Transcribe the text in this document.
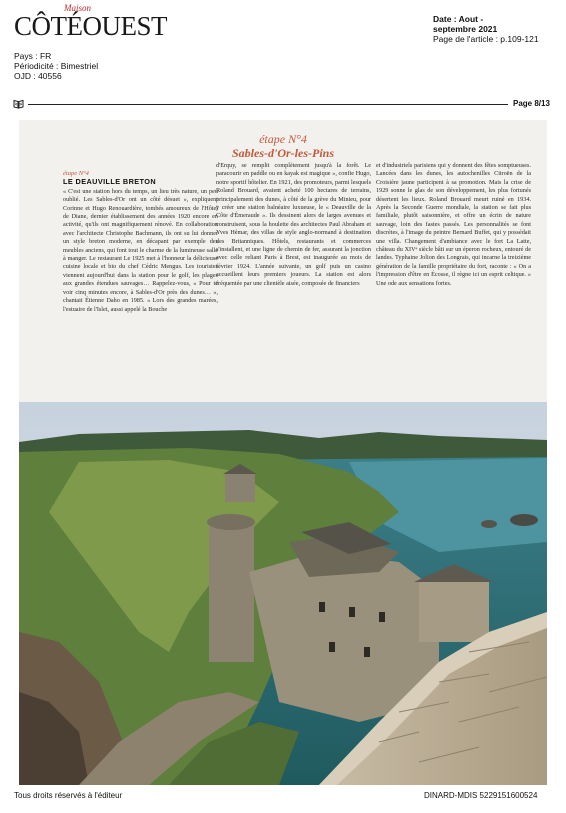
Maison
CÔTÉOUEST	Date : Aout -
septembre 2021
Page de l'article : p.109-121
Pays : FR
Périodicité : Bimestriel
OJD : 40556
Page 8/13
étape N°4
Sables-d'Or-les-Pins
étape N°4
LE DEAUVILLE BRETON
« C'est une station hors du temps, un lieu très nature, un peu oublié. Les Sables-d'Or ont un côté désuet », expliquent Corinne et Hugo Renouardière, tombés amoureux de l'Hôtel de Diane, dernier établissement des années 1920 encore en activité, qu'ils ont magnifiquement rénové. En collaboration avec l'architecte Christophe Bachmann, ils ont su lui donner un style breton moderne, en décapant par exemple des meubles anciens, qui font tout le charme de la lumineuse salle à manger. Le restaurant Le 1925 met à l'honneur la délicieuse cuisine locale et bio du chef Cédric Mengus. Les touristes viennent aujourd'hui dans la station pour le golf, les plages aux grandes étendues sauvages… Rappelez-vous, « Pour te voir cinq minutes encore, à Sables-d'Or près des dunes… », chantait Étienne Daho en 1985. « Lors des grandes marées, l'estuaire de l'Islet, aussi appelé la Bouche
d'Erquy, se remplit complètement jusqu'à la forêt. Le paracourir en paddle ou en kayak est magique », confie Hugo, notre sportif hôtelier. En 1921, des promoteurs, parmi lesquels Roland Brouard, avaient acheté 100 hectares de terrains, principalement des dunes, à côté de la grève du Minieu, pour y créer une station balnéaire luxueuse, le « Deauville de la Côte d'Émeraude ». Ils dessinent alors de larges avenues et construisent, sous la houlette des architectes Paul Abraham et Yves Hémar, des villas de style anglo-normand à destination des Britanniques. Hôtels, restaurants et commerces s'installent, et une ligne de chemin de fer, assurant la jonction avec celle reliant Paris à Brest, est inaugurée au mois de février 1924. L'année suivante, un golf puis un casino accueillent leurs premiers joueurs. La station est alors fréquentée par une clientèle aisée, composée de financiers
et d'industriels parisiens qui y donnent des fêtes somptueuses. Lancées dans les dunes, les autochenilles Citroën de la Croisière jaune participent à sa promotion. Mais la crise de 1929 sonne le glas de son développement, les plus fortunés désertent les lieux. Roland Brouard meurt ruiné en 1934. Après la Seconde Guerre mondiale, la station se fait plus familiale, plutôt saisonnière, et offre un écrin de nature sauvage, loin des fastes passés. Les personnalités se font discrètes, à l'image du peintre Bernard Buffet, qui y possédait une villa. Changement d'ambiance avec le fort La Latte, château du XIVᵉ siècle bâti sur un éperon rocheux, entouré de landes. Typhaine Jolion des Longrais, qui incarne la treizième génération de la famille propriétaire du fort, raconte : « On a l'impression d'être en Écosse, il règne ici un esprit celtique. » Une ode aux sensations fortes.
Tous droits réservés à l'éditeur	DINARD-MDIS 5229151600524
